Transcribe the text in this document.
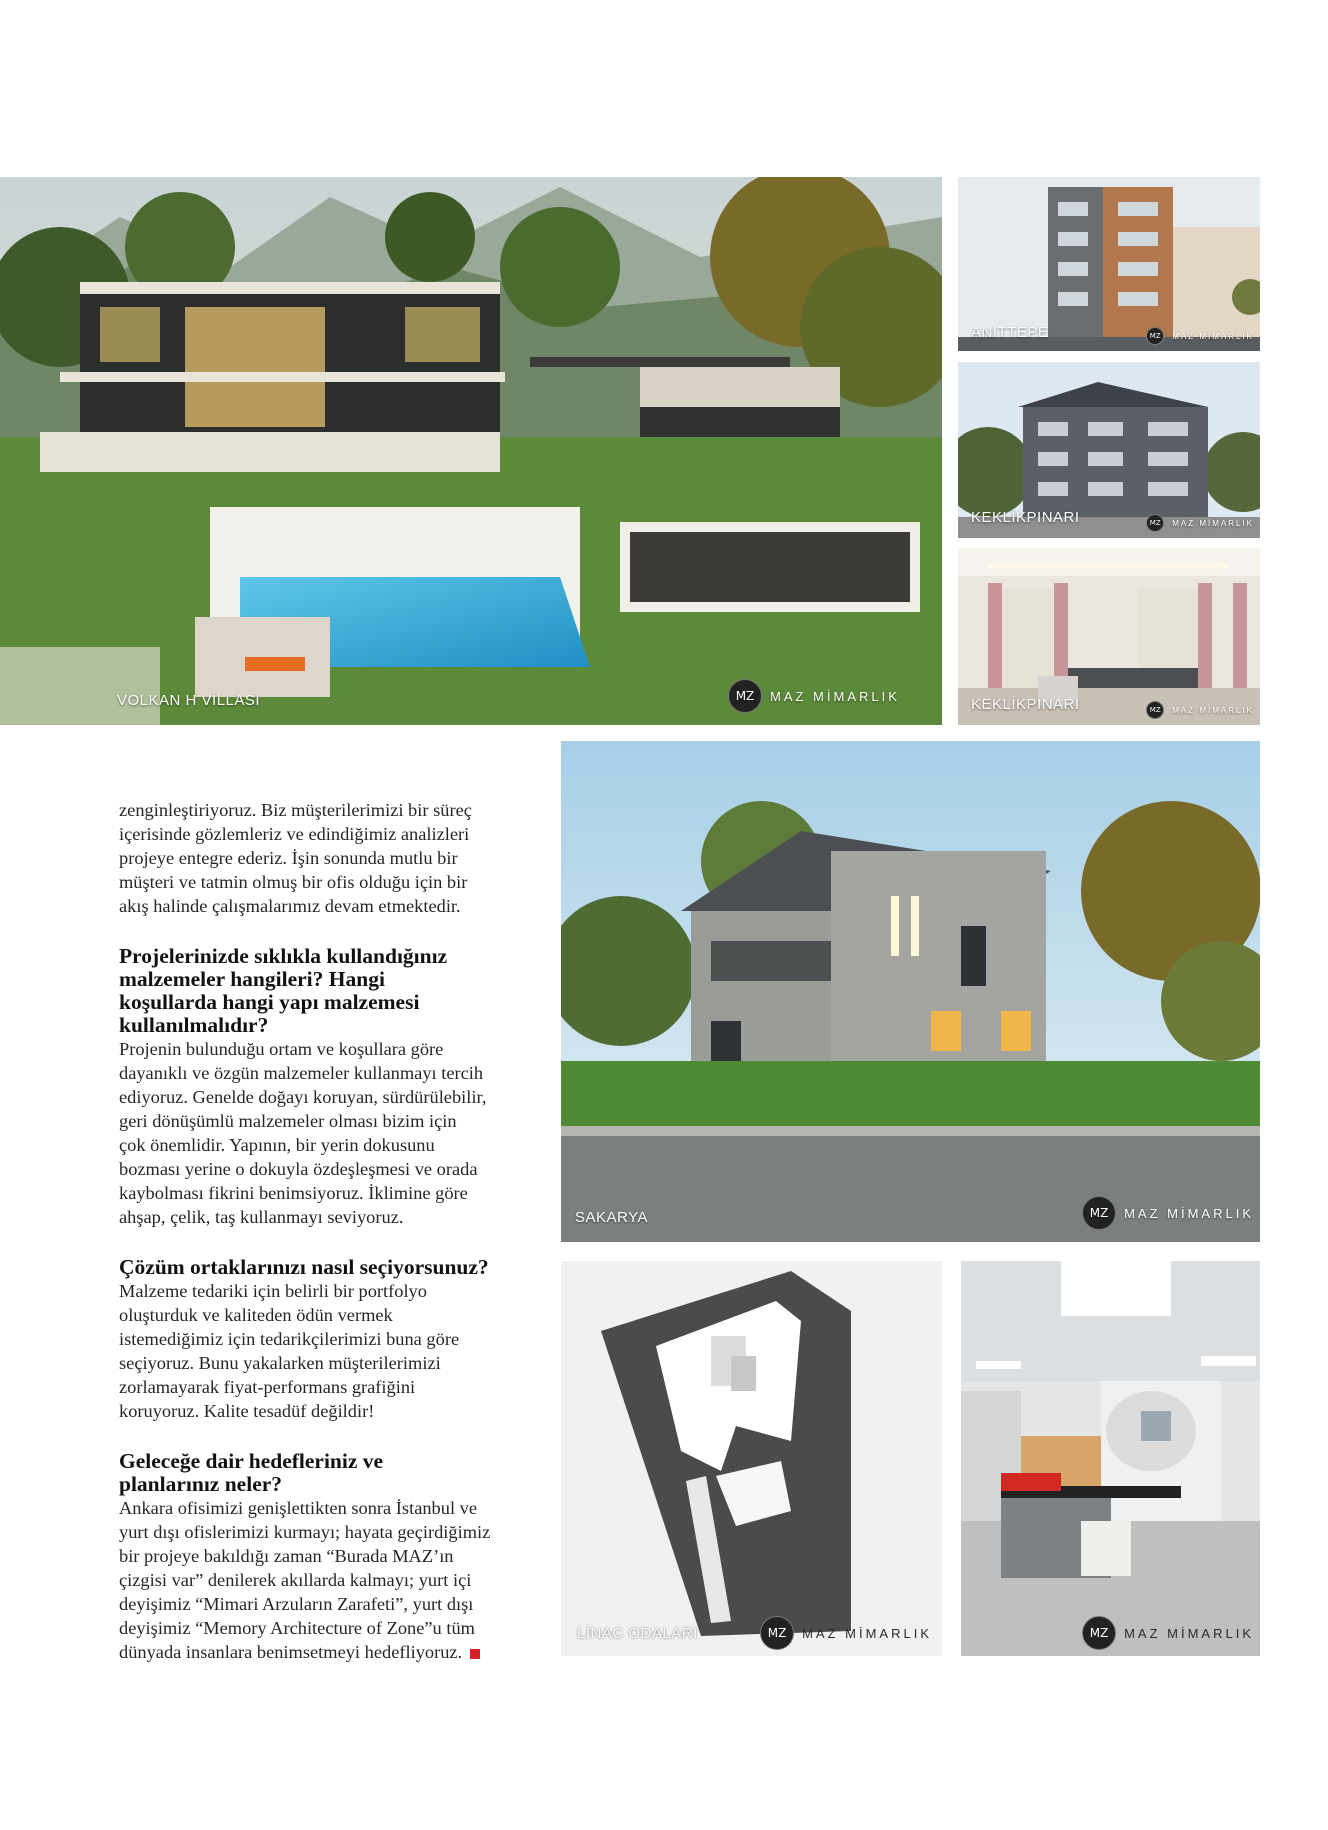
VOLKAN H VİLLASI	MZ	MAZ MİMARLIK
ANITTEPE	MZ	MAZ MİMARLIK
KEKLİKPINARI	MZ	MAZ MİMARLIK
KEKLİKPINARI	MZ	MAZ MİMARLIK
SAKARYA	MZ	MAZ MİMARLIK
LİNAC ODALARI	MZ	MAZ MİMARLIK	MZ	MAZ MİMARLIK

zenginleştiriyoruz. Biz müşterilerimizi bir süreç

içerisinde gözlemleriz ve edindiğimiz analizleri

projeye entegre ederiz. İşin sonunda mutlu bir

müşteri ve tatmin olmuş bir ofis olduğu için bir

akış halinde çalışmalarımız devam etmektedir.

Projelerinizde sıklıkla kullandığınız
malzemeler hangileri? Hangi
koşullarda hangi yapı malzemesi
kullanılmalıdır?

Projenin bulunduğu ortam ve koşullara göre

dayanıklı ve özgün malzemeler kullanmayı tercih

ediyoruz. Genelde doğayı koruyan, sürdürülebilir,

geri dönüşümlü malzemeler olması bizim için

çok önemlidir. Yapının, bir yerin dokusunu

bozması yerine o dokuyla özdeşleşmesi ve orada

kaybolması fikrini benimsiyoruz. İklimine göre

ahşap, çelik, taş kullanmayı seviyoruz.

Çözüm ortaklarınızı nasıl seçiyorsunuz?

Malzeme tedariki için belirli bir portfolyo

oluşturduk ve kaliteden ödün vermek

istemediğimiz için tedarikçilerimizi buna göre

seçiyoruz. Bunu yakalarken müşterilerimizi

zorlamayarak fiyat-performans grafiğini

koruyoruz. Kalite tesadüf değildir!

Geleceğe dair hedefleriniz ve
planlarınız neler?

Ankara ofisimizi genişlettikten sonra İstanbul ve

yurt dışı ofislerimizi kurmayı; hayata geçirdiğimiz

bir projeye bakıldığı zaman “Burada MAZ’ın

çizgisi var” denilerek akıllarda kalmayı; yurt içi

deyişimiz “Mimari Arzuların Zarafeti”, yurt dışı

deyişimiz “Memory Architecture of Zone”u tüm

dünyada insanlara benimsetmeyi hedefliyoruz.
